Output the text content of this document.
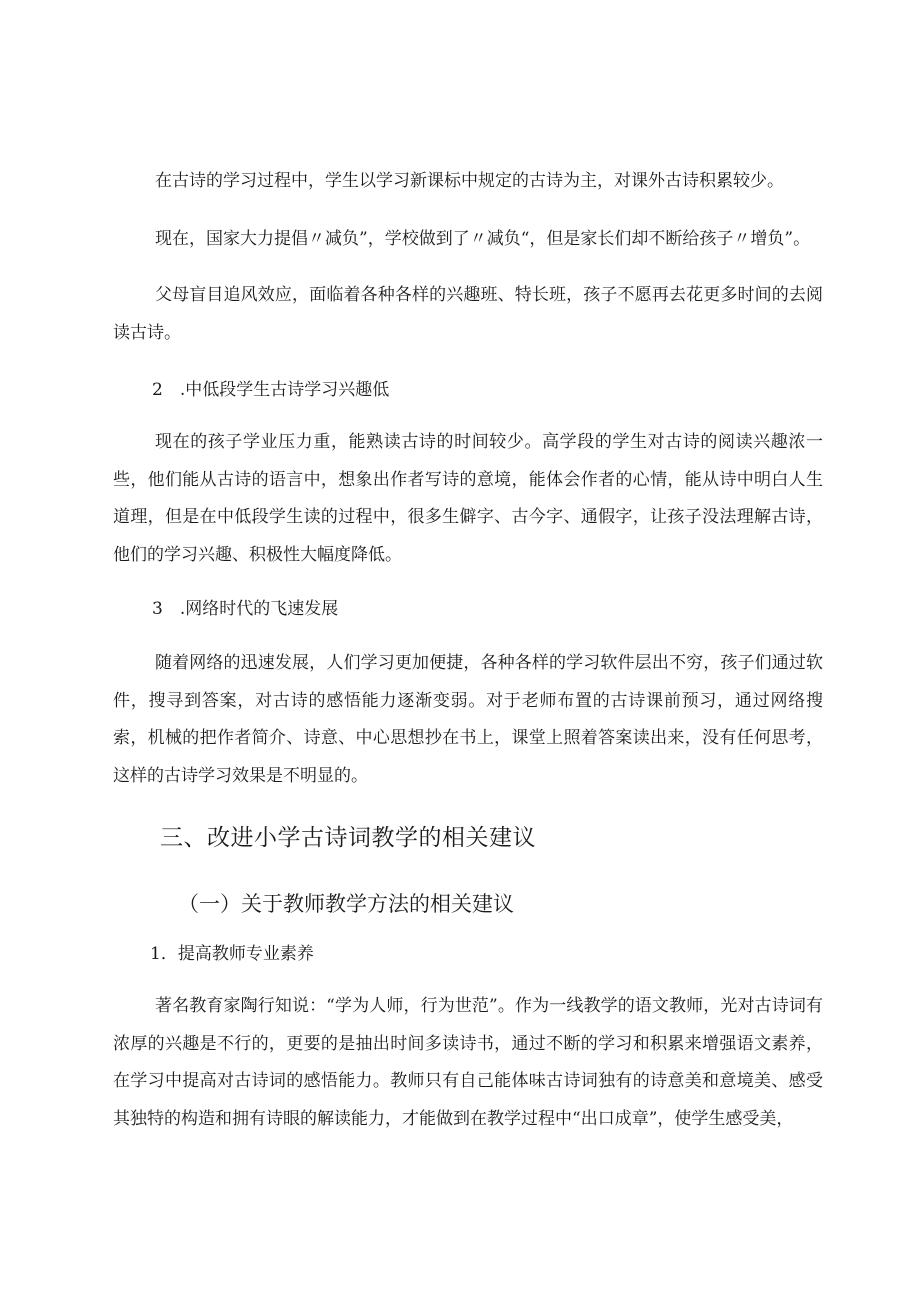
在古诗的学习过程中，学生以学习新课标中规定的古诗为主，对课外古诗积累较少。

现在，国家大力提倡〃减负”，学校做到了〃减负“，但是家长们却不断给孩子〃增负”。

父母盲目追风效应，面临着各种各样的兴趣班、特长班，孩子不愿再去花更多时间的去阅读古诗。

2　.中低段学生古诗学习兴趣低

现在的孩子学业压力重，能熟读古诗的时间较少。高学段的学生对古诗的阅读兴趣浓一些，他们能从古诗的语言中，想象出作者写诗的意境，能体会作者的心情，能从诗中明白人生道理，但是在中低段学生读的过程中，很多生僻字、古今字、通假字，让孩子没法理解古诗，他们的学习兴趣、积极性大幅度降低。

3　.网络时代的飞速发展

随着网络的迅速发展，人们学习更加便捷，各种各样的学习软件层出不穷，孩子们通过软件，搜寻到答案，对古诗的感悟能力逐渐变弱。对于老师布置的古诗课前预习，通过网络搜索，机械的把作者简介、诗意、中心思想抄在书上，课堂上照着答案读出来，没有任何思考，这样的古诗学习效果是不明显的。

三、改进小学古诗词教学的相关建议
（一）关于教师教学方法的相关建议

1．提高教师专业素养

著名教育家陶行知说：“学为人师，行为世范”。作为一线教学的语文教师，光对古诗词有浓厚的兴趣是不行的，更要的是抽出时间多读诗书，通过不断的学习和积累来增强语文素养，在学习中提高对古诗词的感悟能力。教师只有自己能体味古诗词独有的诗意美和意境美、感受其独特的构造和拥有诗眼的解读能力，才能做到在教学过程中“出口成章”，使学生感受美，
